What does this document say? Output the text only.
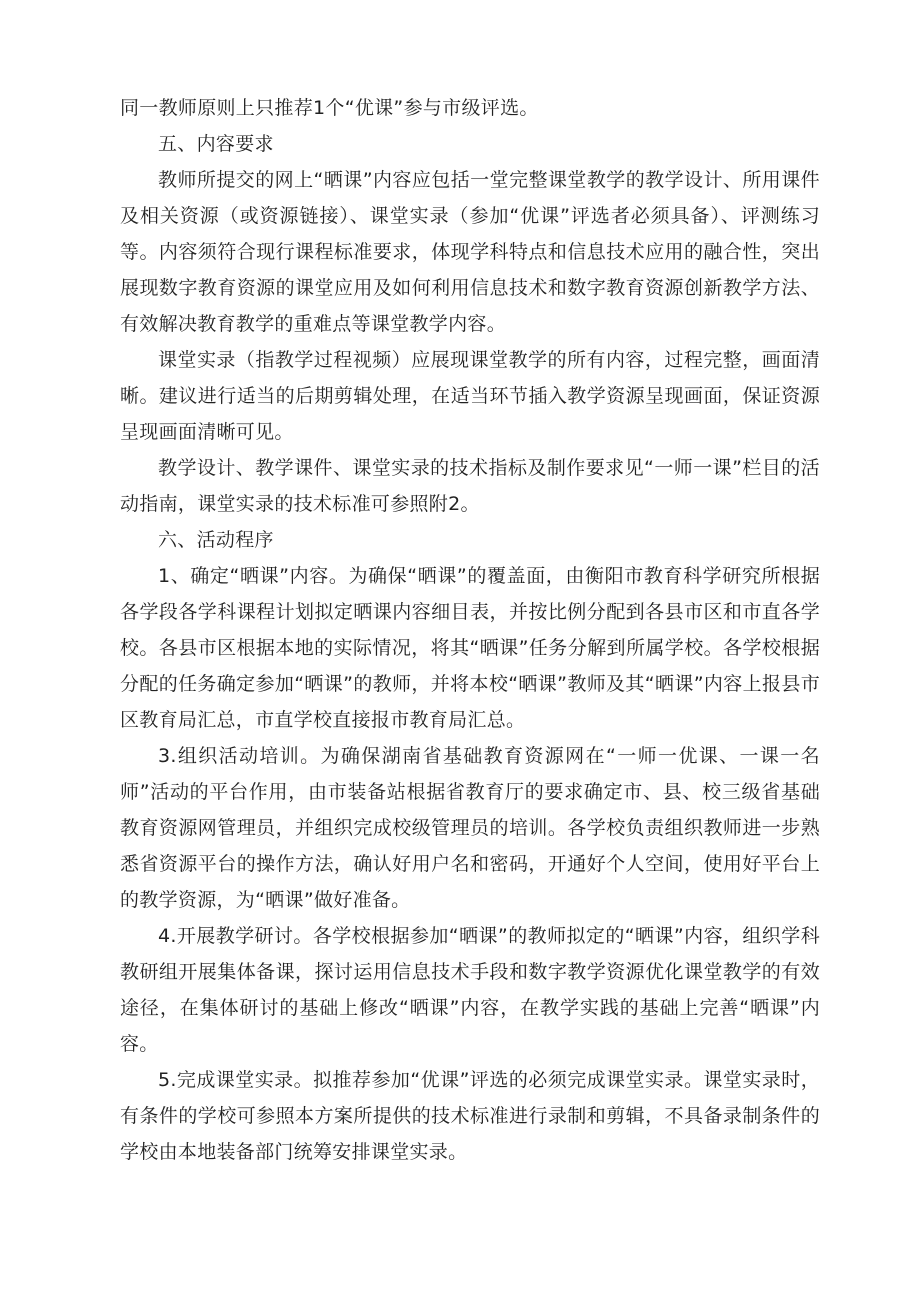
同一教师原则上只推荐1个“优课”参与市级评选。

五、内容要求

教师所提交的网上“晒课”内容应包括一堂完整课堂教学的教学设计、所用课件及相关资源（或资源链接）、课堂实录（参加“优课”评选者必须具备）、评测练习等。内容须符合现行课程标准要求，体现学科特点和信息技术应用的融合性，突出展现数字教育资源的课堂应用及如何利用信息技术和数字教育资源创新教学方法、有效解决教育教学的重难点等课堂教学内容。

课堂实录（指教学过程视频）应展现课堂教学的所有内容，过程完整，画面清晰。建议进行适当的后期剪辑处理，在适当环节插入教学资源呈现画面，保证资源呈现画面清晰可见。

教学设计、教学课件、课堂实录的技术指标及制作要求见“一师一课”栏目的活动指南，课堂实录的技术标准可参照附2。

六、活动程序

1、确定“晒课”内容。为确保“晒课”的覆盖面，由衡阳市教育科学研究所根据各学段各学科课程计划拟定晒课内容细目表，并按比例分配到各县市区和市直各学校。各县市区根据本地的实际情况，将其“晒课”任务分解到所属学校。各学校根据分配的任务确定参加“晒课”的教师，并将本校“晒课”教师及其“晒课”内容上报县市区教育局汇总，市直学校直接报市教育局汇总。

3.组织活动培训。为确保湖南省基础教育资源网在“一师一优课、一课一名师”活动的平台作用，由市装备站根据省教育厅的要求确定市、县、校三级省基础教育资源网管理员，并组织完成校级管理员的培训。各学校负责组织教师进一步熟悉省资源平台的操作方法，确认好用户名和密码，开通好个人空间，使用好平台上的教学资源，为“晒课”做好准备。

4.开展教学研讨。各学校根据参加“晒课”的教师拟定的“晒课”内容，组织学科教研组开展集体备课，探讨运用信息技术手段和数字教学资源优化课堂教学的有效途径，在集体研讨的基础上修改“晒课”内容，在教学实践的基础上完善“晒课”内容。

5.完成课堂实录。拟推荐参加“优课”评选的必须完成课堂实录。课堂实录时，有条件的学校可参照本方案所提供的技术标准进行录制和剪辑，不具备录制条件的学校由本地装备部门统筹安排课堂实录。
